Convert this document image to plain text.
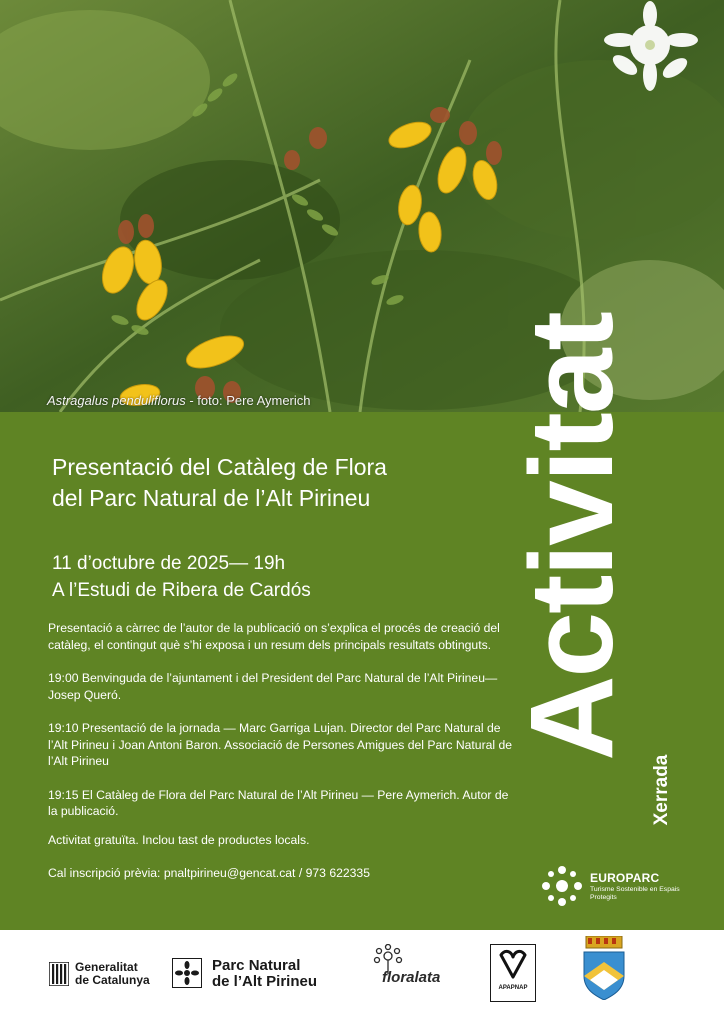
Astragalus penduliflorus - foto: Pere Aymerich Activitat
Xerrada
Presentació del Catàleg de Flora
del Parc Natural de l’Alt Pirineu
11 d’octubre de 2025— 19h
A l’Estudi de Ribera de Cardós

Presentació a càrrec de l’autor de la publicació on s’explica el procés de creació del catàleg, el contingut què s’hi exposa i un resum dels principals resultats obtinguts.

19:00 Benvinguda de l’ajuntament i del President del Parc Natural de l’Alt Pirineu—Josep Queró.

19:10 Presentació de la jornada — Marc Garriga Lujan. Director del Parc Natural de l’Alt Pirineu i Joan Antoni Baron. Associació de Persones Amigues del Parc Natural de l’Alt Pirineu

19:15 El Catàleg de Flora del Parc Natural de l’Alt Pirineu — Pere Aymerich. Autor de la publicació.

Activitat gratuïta. Inclou tast de productes locals.

Cal inscripció prèvia: pnaltpirineu@gencat.cat / 973 622335	EUROPARC
Turisme Sostenible en Espais Protegits
Generalitat
de Catalunya
Parc Natural
de l’Alt Pirineu	floralata
APAPNAP
